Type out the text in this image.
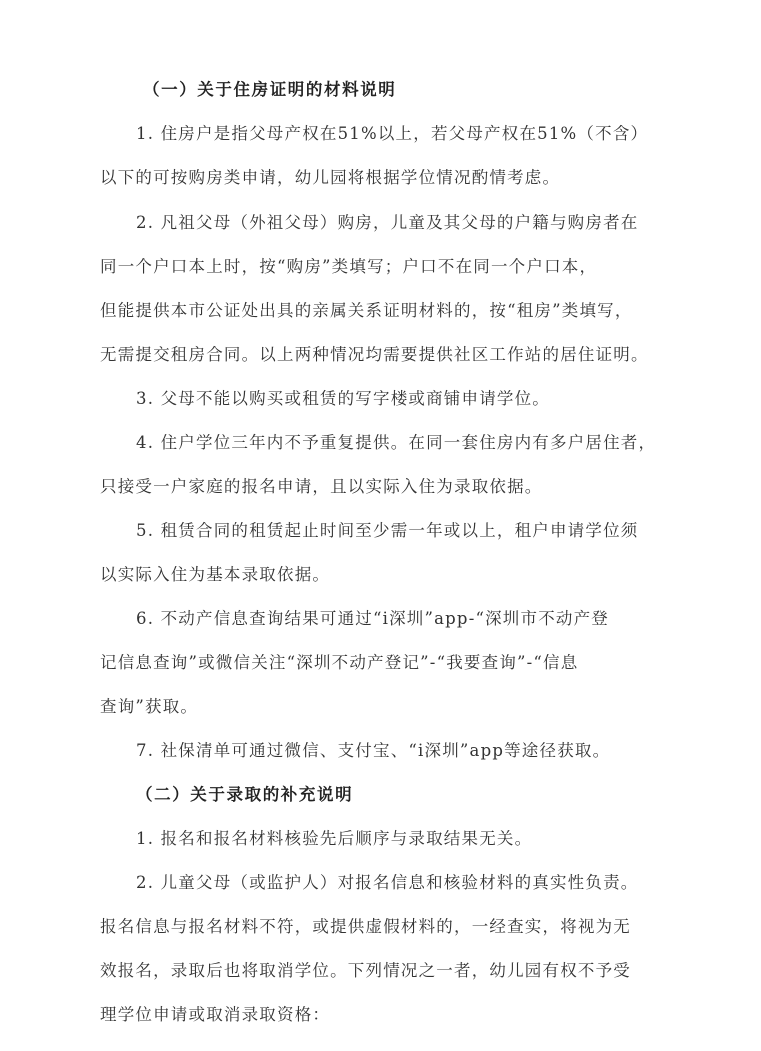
（一）关于住房证明的材料说明
1. 住房户是指父母产权在51%以上，若父母产权在51%（不含）
以下的可按购房类申请，幼儿园将根据学位情况酌情考虑。
2. 凡祖父母（外祖父母）购房，儿童及其父母的户籍与购房者在
同一个户口本上时，按“购房”类填写；户口不在同一个户口本，
但能提供本市公证处出具的亲属关系证明材料的，按“租房”类填写，
无需提交租房合同。以上两种情况均需要提供社区工作站的居住证明。
3. 父母不能以购买或租赁的写字楼或商铺申请学位。
4. 住户学位三年内不予重复提供。在同一套住房内有多户居住者，
只接受一户家庭的报名申请，且以实际入住为录取依据。
5. 租赁合同的租赁起止时间至少需一年或以上，租户申请学位须
以实际入住为基本录取依据。
6. 不动产信息查询结果可通过“i深圳”app-“深圳市不动产登
记信息查询”或微信关注“深圳不动产登记”-“我要查询”-“信息
查询”获取。
7. 社保清单可通过微信、支付宝、“i深圳”app等途径获取。
（二）关于录取的补充说明
1. 报名和报名材料核验先后顺序与录取结果无关。
2. 儿童父母（或监护人）对报名信息和核验材料的真实性负责。
报名信息与报名材料不符，或提供虚假材料的，一经查实，将视为无
效报名，录取后也将取消学位。下列情况之一者，幼儿园有权不予受
理学位申请或取消录取资格：
